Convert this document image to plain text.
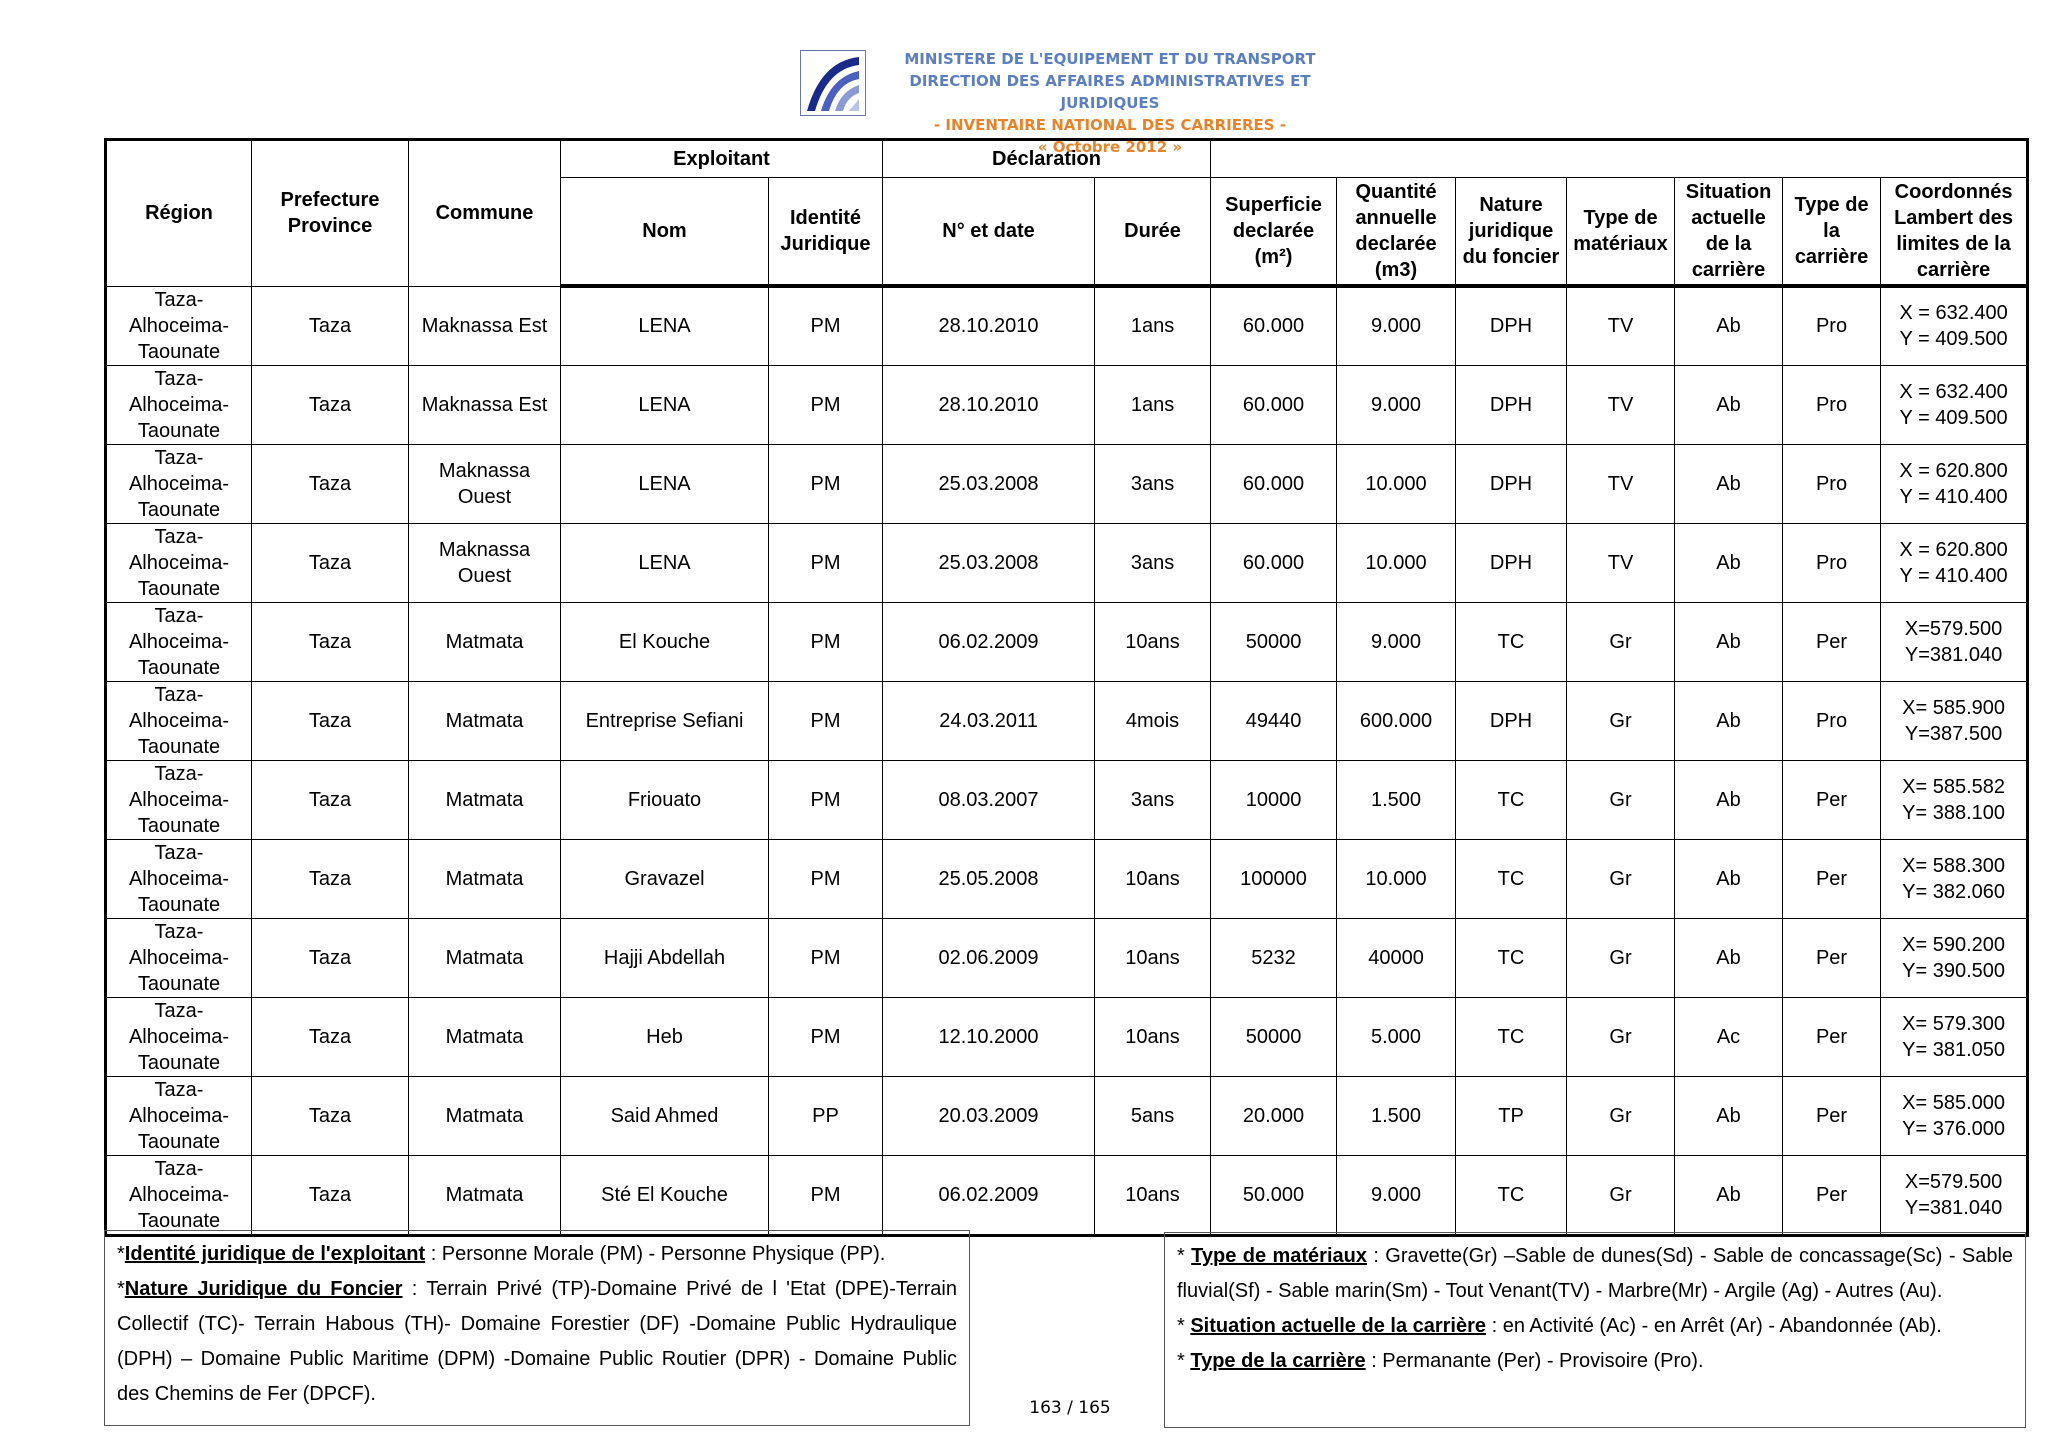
MINISTERE DE L'EQUIPEMENT ET DU TRANSPORT
DIRECTION DES AFFAIRES ADMINISTRATIVES ET JURIDIQUES
- INVENTAIRE NATIONAL DES CARRIERES -
« Octobre 2012 »
Région	Prefecture Province	Commune	Exploitant		Déclaration								
			Nom	Identité Juridique	N° et date	Durée	Superficie declarée (m²)	Quantité annuelle declarée (m3)	Nature juridique du foncier	Type de matériaux	Situation actuelle de la carrière	Type de la carrière	Coordonnés Lambert des limites de la carrière
Taza-Alhoceima-Taounate	Taza	Maknassa Est	LENA	PM	28.10.2010	1ans	60.000	9.000	DPH	TV	Ab	Pro	X = 632.400
Y = 409.500

Taza-Alhoceima-Taounate	Taza	Maknassa Est	LENA	PM	28.10.2010	1ans	60.000	9.000	DPH	TV	Ab	Pro	X = 632.400
Y = 409.500

Taza-Alhoceima-Taounate	Taza	Maknassa Ouest	LENA	PM	25.03.2008	3ans	60.000	10.000	DPH	TV	Ab	Pro	X = 620.800
Y = 410.400

Taza-Alhoceima-Taounate	Taza	Maknassa Ouest	LENA	PM	25.03.2008	3ans	60.000	10.000	DPH	TV	Ab	Pro	X = 620.800
Y = 410.400

Taza-Alhoceima-Taounate	Taza	Matmata	El Kouche	PM	06.02.2009	10ans	50000	9.000	TC	Gr	Ab	Per	X=579.500
Y=381.040

Taza-Alhoceima-Taounate	Taza	Matmata	Entreprise Sefiani	PM	24.03.2011	4mois	49440	600.000	DPH	Gr	Ab	Pro	X= 585.900
Y=387.500

Taza-Alhoceima-Taounate	Taza	Matmata	Friouato	PM	08.03.2007	3ans	10000	1.500	TC	Gr	Ab	Per	X= 585.582
Y= 388.100

Taza-Alhoceima-Taounate	Taza	Matmata	Gravazel	PM	25.05.2008	10ans	100000	10.000	TC	Gr	Ab	Per	X= 588.300
Y= 382.060

Taza-Alhoceima-Taounate	Taza	Matmata	Hajji Abdellah	PM	02.06.2009	10ans	5232	40000	TC	Gr	Ab	Per	X= 590.200
Y= 390.500

Taza-Alhoceima-Taounate	Taza	Matmata	Heb	PM	12.10.2000	10ans	50000	5.000	TC	Gr	Ac	Per	X= 579.300
Y= 381.050

Taza-Alhoceima-Taounate	Taza	Matmata	Said Ahmed	PP	20.03.2009	5ans	20.000	1.500	TP	Gr	Ab	Per	X= 585.000
Y= 376.000

Taza-Alhoceima-Taounate	Taza	Matmata	Sté El Kouche	PM	06.02.2009	10ans	50.000	9.000	TC	Gr	Ab	Per	X=579.500
Y=381.040

*Identité juridique de l'exploitant : Personne Morale (PM) - Personne Physique (PP).

*Nature Juridique du Foncier : Terrain Privé (TP)-Domaine Privé de l 'Etat (DPE)-Terrain Collectif (TC)- Terrain Habous (TH)- Domaine Forestier (DF) -Domaine Public Hydraulique (DPH) – Domaine Public Maritime (DPM) -Domaine Public Routier (DPR) - Domaine Public des Chemins de Fer (DPCF).

* Type de matériaux : Gravette(Gr) –Sable de dunes(Sd) - Sable de concassage(Sc) - Sable fluvial(Sf) - Sable marin(Sm) - Tout Venant(TV) - Marbre(Mr) - Argile (Ag) - Autres (Au).

* Situation actuelle de la carrière : en Activité (Ac) - en Arrêt (Ar) - Abandonnée (Ab).

* Type de la carrière : Permanante (Per) - Provisoire (Pro).

163 / 165
